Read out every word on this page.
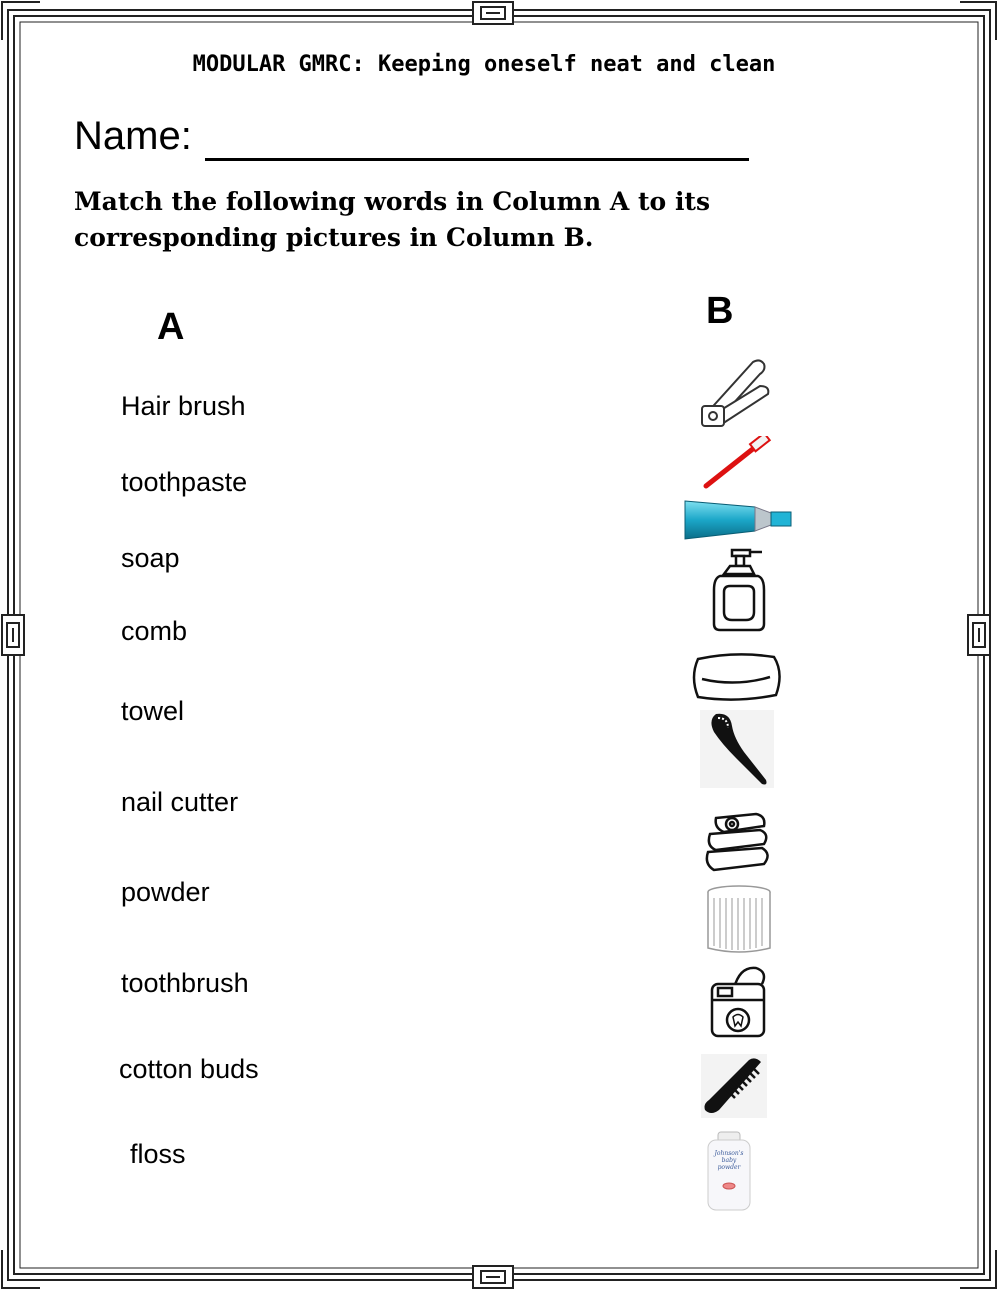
MODULAR GMRC: Keeping oneself neat and clean
Name:
Match the following words in Column A to its corresponding pictures in Column B.
A	B
Hair brush
toothpaste
soap
comb
towel
nail cutter
powder
toothbrush
cotton buds
floss	Johnson's
baby
powder
